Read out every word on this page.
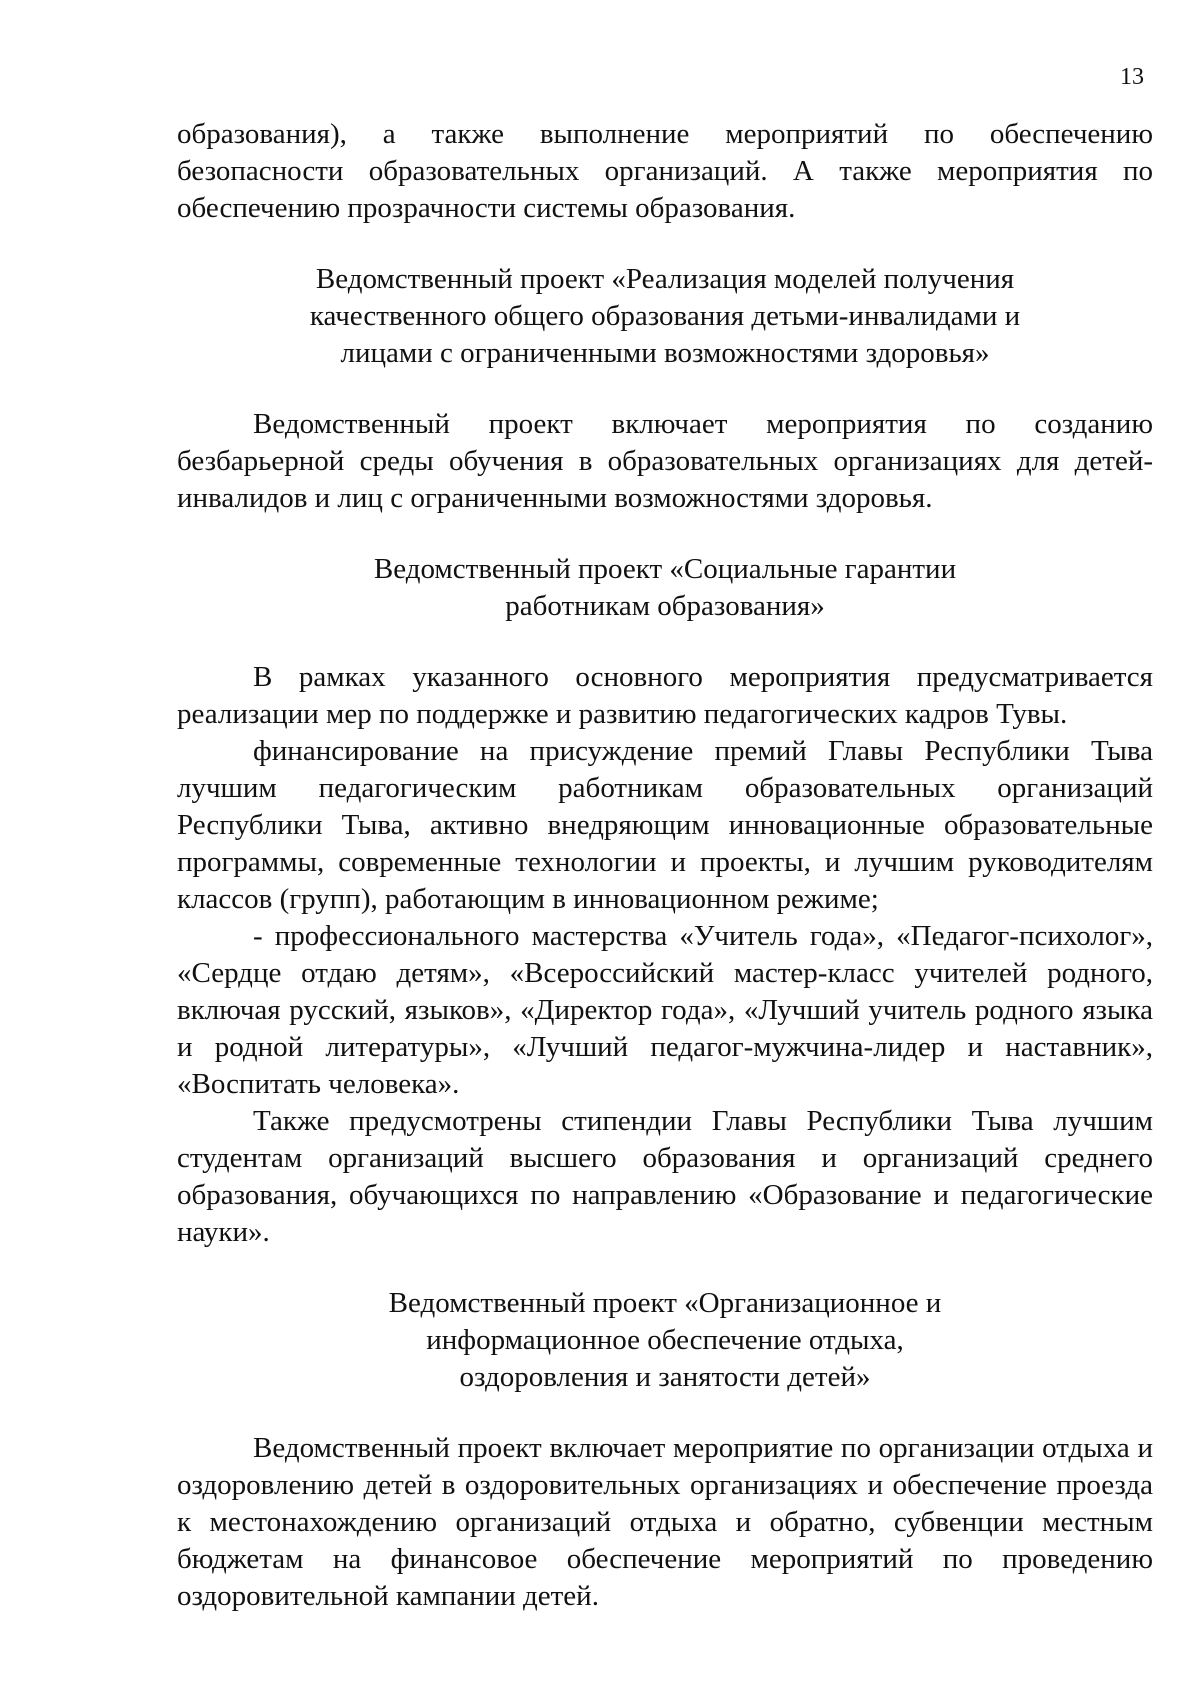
13

образования), а также выполнение мероприятий по обеспечению безопасности образовательных организаций. А также мероприятия по обеспечению прозрачности системы образования.

Ведомственный проект «Реализация моделей получения
качественного общего образования детьми-инвалидами и
лицами с ограниченными возможностями здоровья»

Ведомственный проект включает мероприятия по созданию безбарьерной среды обучения в образовательных организациях для детей-инвалидов и лиц с ограниченными возможностями здоровья.

Ведомственный проект «Социальные гарантии
работникам образования»

В рамках указанного основного мероприятия предусматривается реализации мер по поддержке и развитию педагогических кадров Тувы.

финансирование на присуждение премий Главы Республики Тыва лучшим педагогическим работникам образовательных организаций Республики Тыва, активно внедряющим инновационные образовательные программы, современные технологии и проекты, и лучшим руководителям классов (групп), работающим в инновационном режиме;

- профессионального мастерства «Учитель года», «Педагог-психолог», «Сердце отдаю детям», «Всероссийский мастер-класс учителей родного, включая русский, языков», «Директор года», «Лучший учитель родного языка и родной литературы», «Лучший педагог-мужчина-лидер и наставник», «Воспитать человека».

Также предусмотрены стипендии Главы Республики Тыва лучшим студентам организаций высшего образования и организаций среднего образования, обучающихся по направлению «Образование и педагогические науки».

Ведомственный проект «Организационное и
информационное обеспечение отдыха,
оздоровления и занятости детей»

Ведомственный проект включает мероприятие по организации отдыха и оздоровлению детей в оздоровительных организациях и обеспечение проезда к местонахождению организаций отдыха и обратно, субвенции местным бюджетам на финансовое обеспечение мероприятий по проведению оздоровительной кампании детей.
